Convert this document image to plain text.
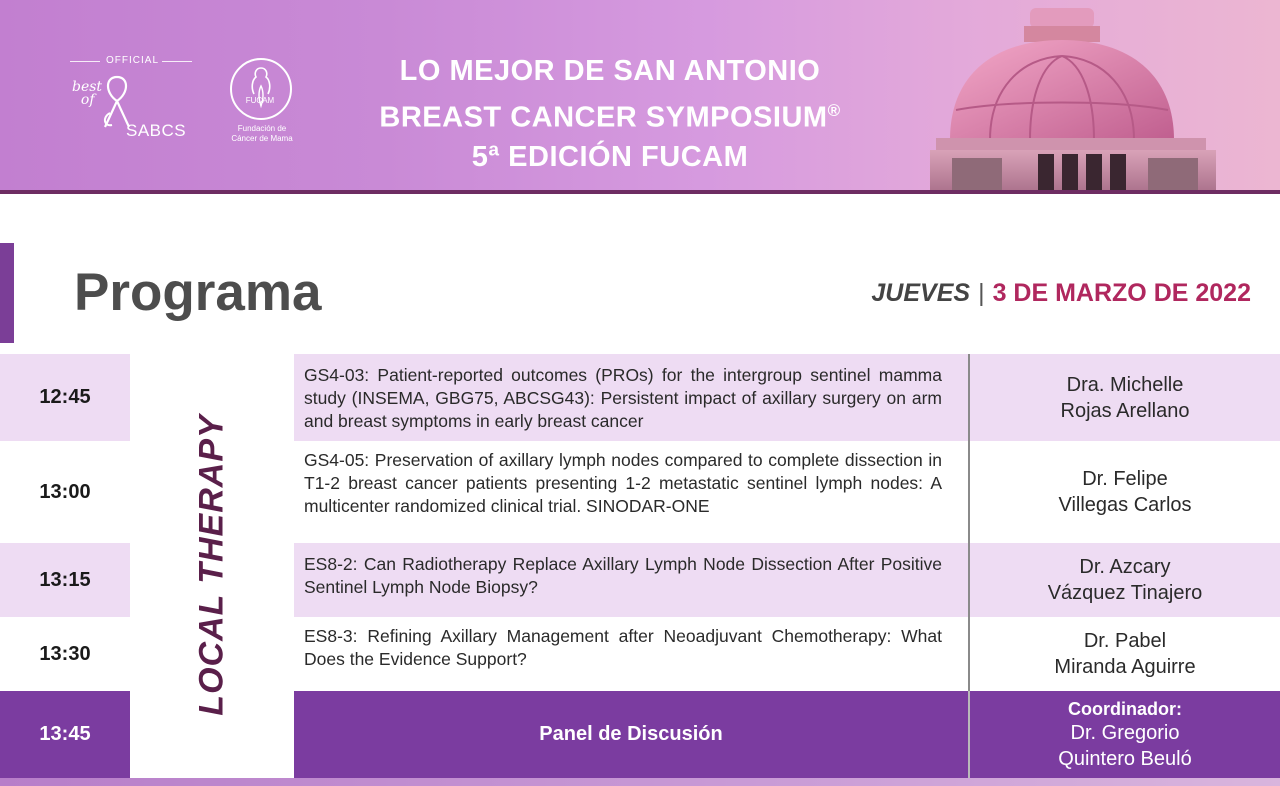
OFFICIAL
best
of
SABCS
FUCAM
Fundación de
Cáncer de Mama
LO MEJOR DE SAN ANTONIO
BREAST CANCER SYMPOSIUM®
5ª EDICIÓN FUCAM
Programa	JUEVES | 3 DE MARZO DE 2022
12:45
GS4-03: Patient-reported outcomes (PROs) for the intergroup sentinel mamma study (INSEMA, GBG75, ABCSG43): Persistent impact of axillary surgery on arm and breast symptoms in early breast cancer
Dra. Michelle
Rojas Arellano
13:00
GS4-05: Preservation of axillary lymph nodes compared to complete dissection in T1-2 breast cancer patients presenting 1-2 metastatic sentinel lymph nodes: A multicenter randomized clinical trial. SINODAR-ONE
Dr. Felipe
Villegas Carlos
13:15
ES8-2: Can Radiotherapy Replace Axillary Lymph Node Dissection After Positive Sentinel Lymph Node Biopsy?
Dr. Azcary
Vázquez Tinajero
13:30
ES8-3: Refining Axillary Management after Neoadjuvant Chemotherapy: What Does the Evidence Support?
Dr. Pabel
Miranda Aguirre
13:45	Panel de Discusión
Coordinador:
Dr. Gregorio
Quintero Beuló
LOCAL THERAPY
